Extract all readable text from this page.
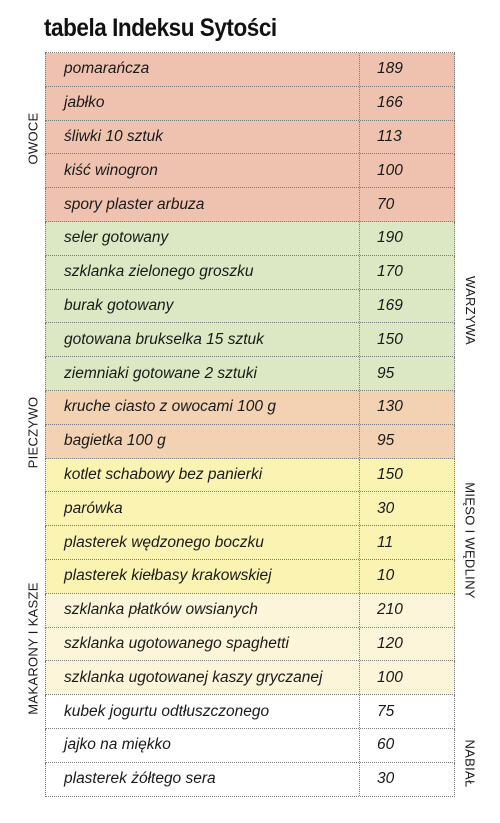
tabela Indeksu Sytości
pomarańcza	189
jabłko	166
śliwki 10 sztuk	113
kiść winogron	100
spory plaster arbuza	70
seler gotowany	190
szklanka zielonego groszku	170
burak gotowany	169
gotowana brukselka 15 sztuk	150
ziemniaki gotowane 2 sztuki	95
kruche ciasto z owocami 100 g	130
bagietka 100 g	95
kotlet schabowy bez panierki	150
parówka	30
plasterek wędzonego boczku	11
plasterek kiełbasy krakowskiej	10
szklanka płatków owsianych	210
szklanka ugotowanego spaghetti	120
szklanka ugotowanej kaszy gryczanej	100
kubek jogurtu odtłuszczonego	75
jajko na miękko	60
plasterek żółtego sera	30
OWOCE
PIECZYWO
MAKARONY I KASZE
WARZYWA
MIĘSO I WĘDLINY
NABIAŁ
